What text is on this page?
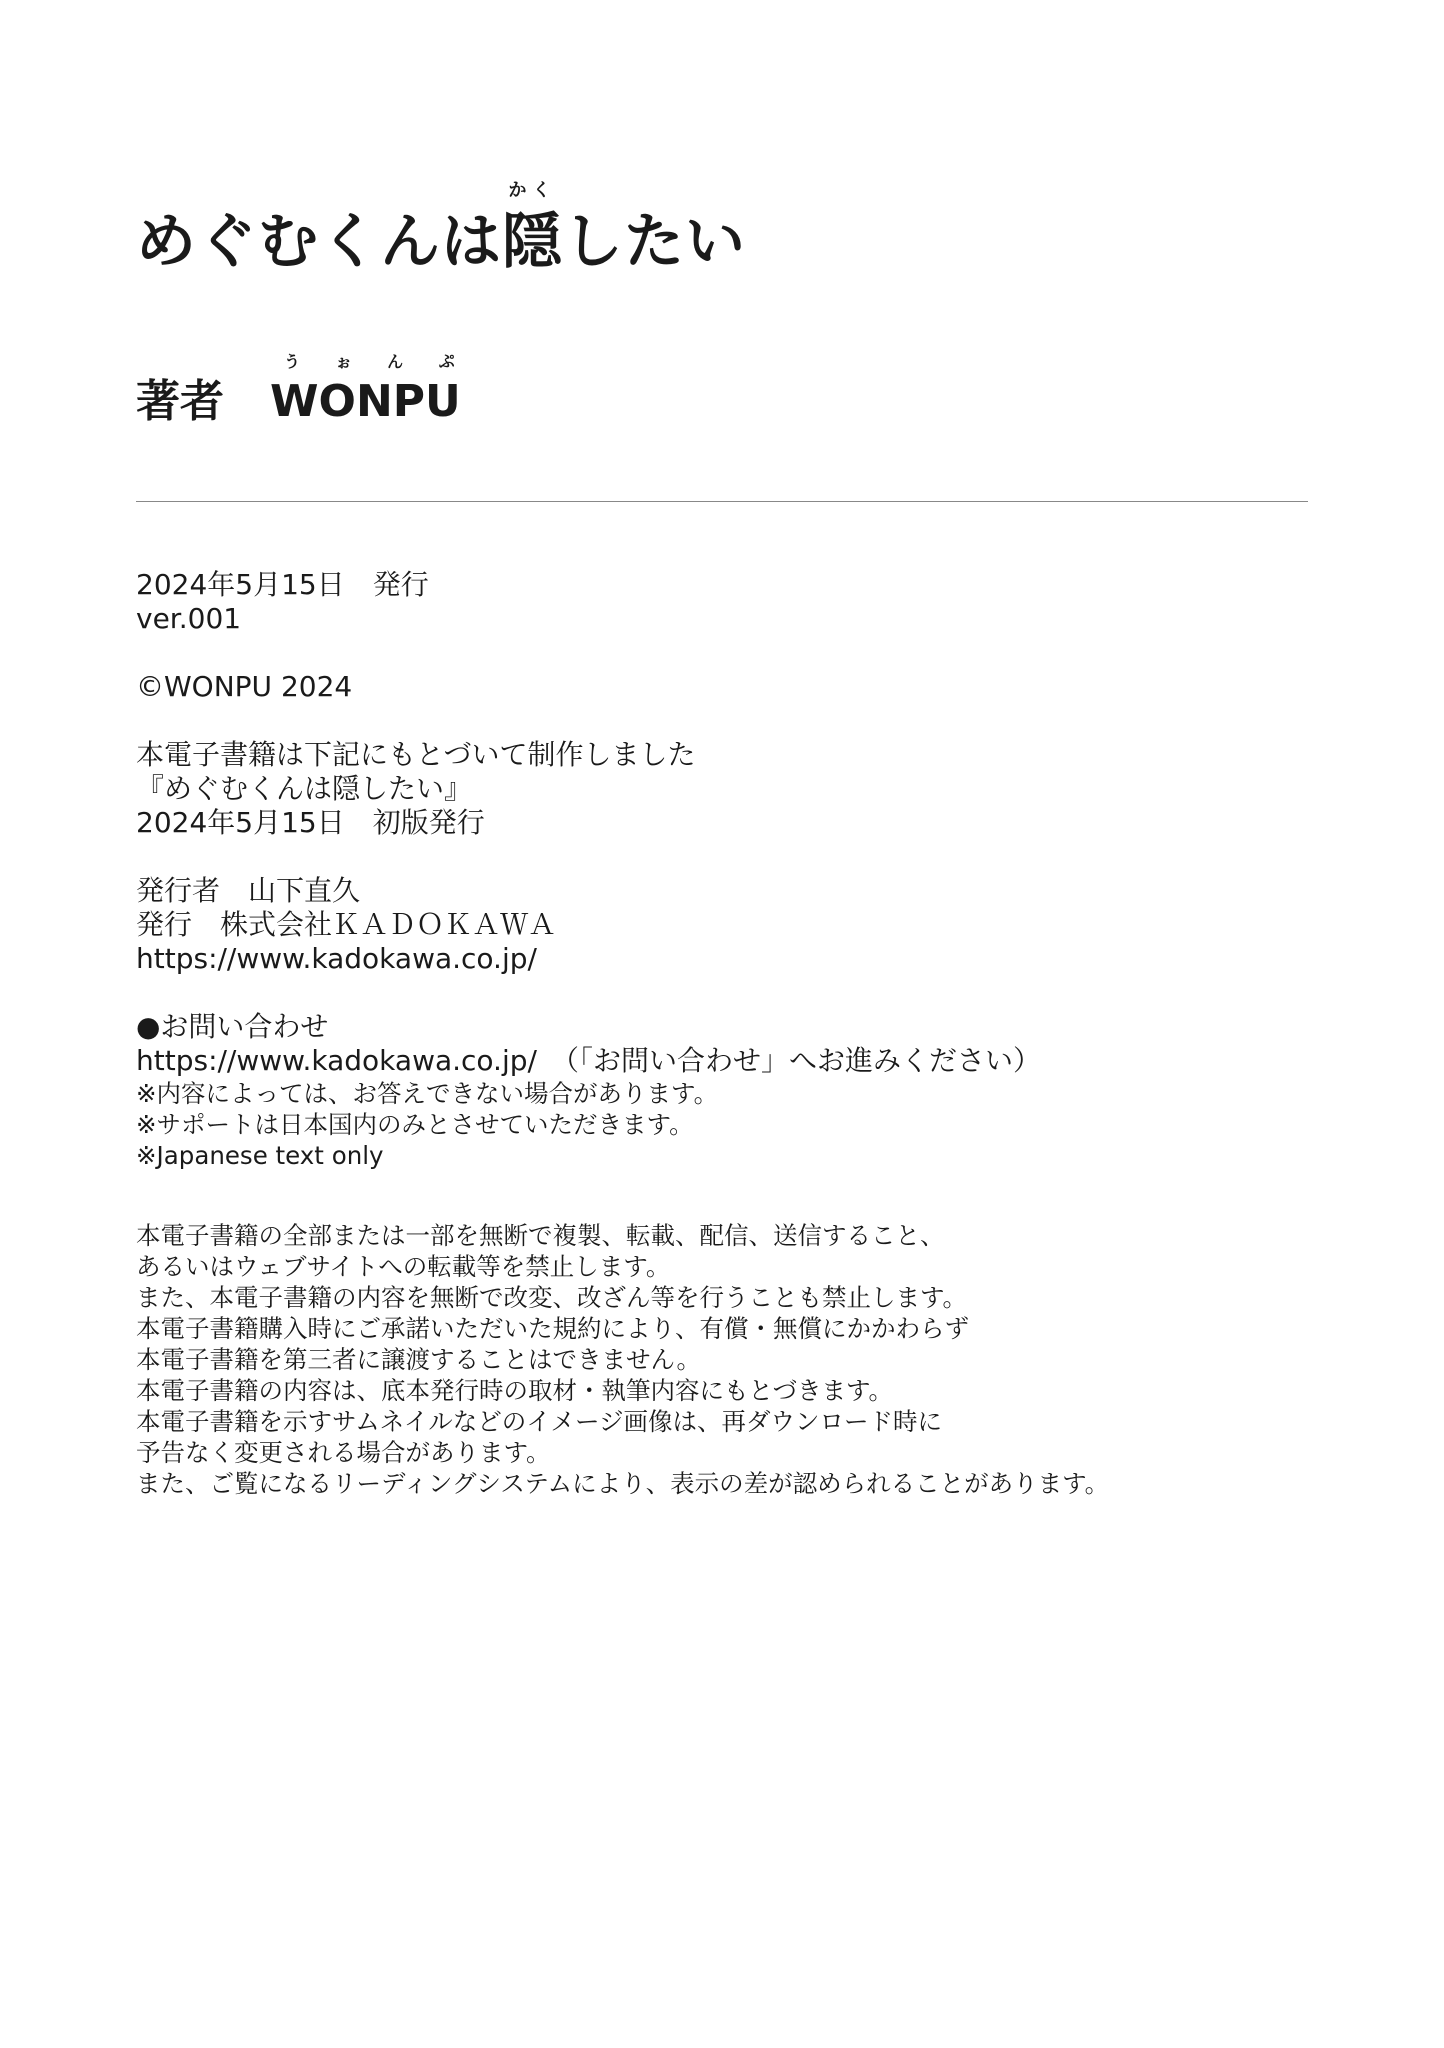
めぐむくんは
かく
隠したい
著者
う ぉ ん ぷ
WONPU
2024年5月15日　発行
ver.001
©WONPU 2024
本電子書籍は下記にもとづいて制作しました
『めぐむくんは隠したい』
2024年5月15日　初版発行
発行者　山下直久
発行　株式会社ＫＡＤＯＫＡＷＡ
https://www.kadokawa.co.jp/
●お問い合わせ
https://www.kadokawa.co.jp/　（「お問い合わせ」へお進みください）
※内容によっては、お答えできない場合があります。
※サポートは日本国内のみとさせていただきます。
※Japanese text only
本電子書籍の全部または一部を無断で複製、転載、配信、送信すること、
あるいはウェブサイトへの転載等を禁止します。
また、本電子書籍の内容を無断で改変、改ざん等を行うことも禁止します。
本電子書籍購入時にご承諾いただいた規約により、有償・無償にかかわらず
本電子書籍を第三者に譲渡することはできません。
本電子書籍の内容は、底本発行時の取材・執筆内容にもとづきます。
本電子書籍を示すサムネイルなどのイメージ画像は、再ダウンロード時に
予告なく変更される場合があります。
また、ご覧になるリーディングシステムにより、表示の差が認められることがあります。
